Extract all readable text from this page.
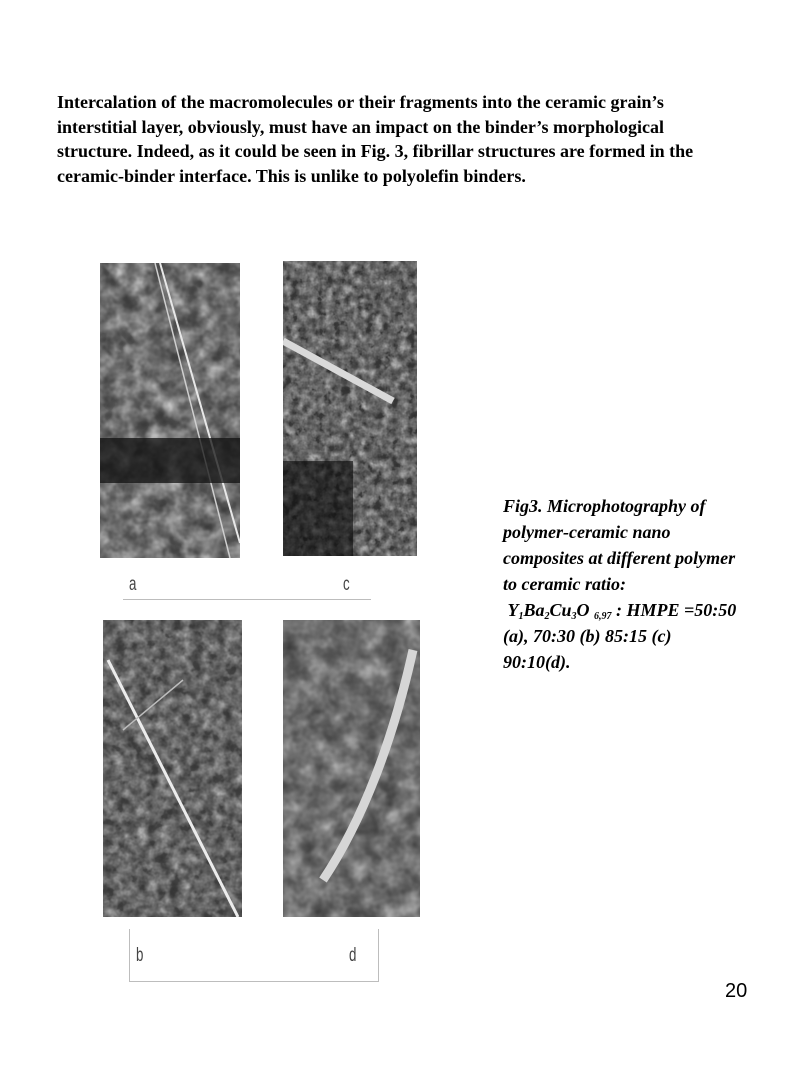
Intercalation of the macromolecules or their fragments into the ceramic grain’s interstitial layer, obviously, must have an impact on the binder’s morphological structure. Indeed, as it could be seen in Fig. 3, fibrillar structures are formed in the ceramic-binder interface. This is unlike to polyolefin binders.
a	c
b	d
Fig3. Microphotography of polymer-ceramic nano composites at different polymer to ceramic ratio:
$Y_1Ba_2Cu_3O$ $_{6,97}$ : HMPE =50:50 (a), 70:30 (b) 85:15 (c) 90:10(d).
20
